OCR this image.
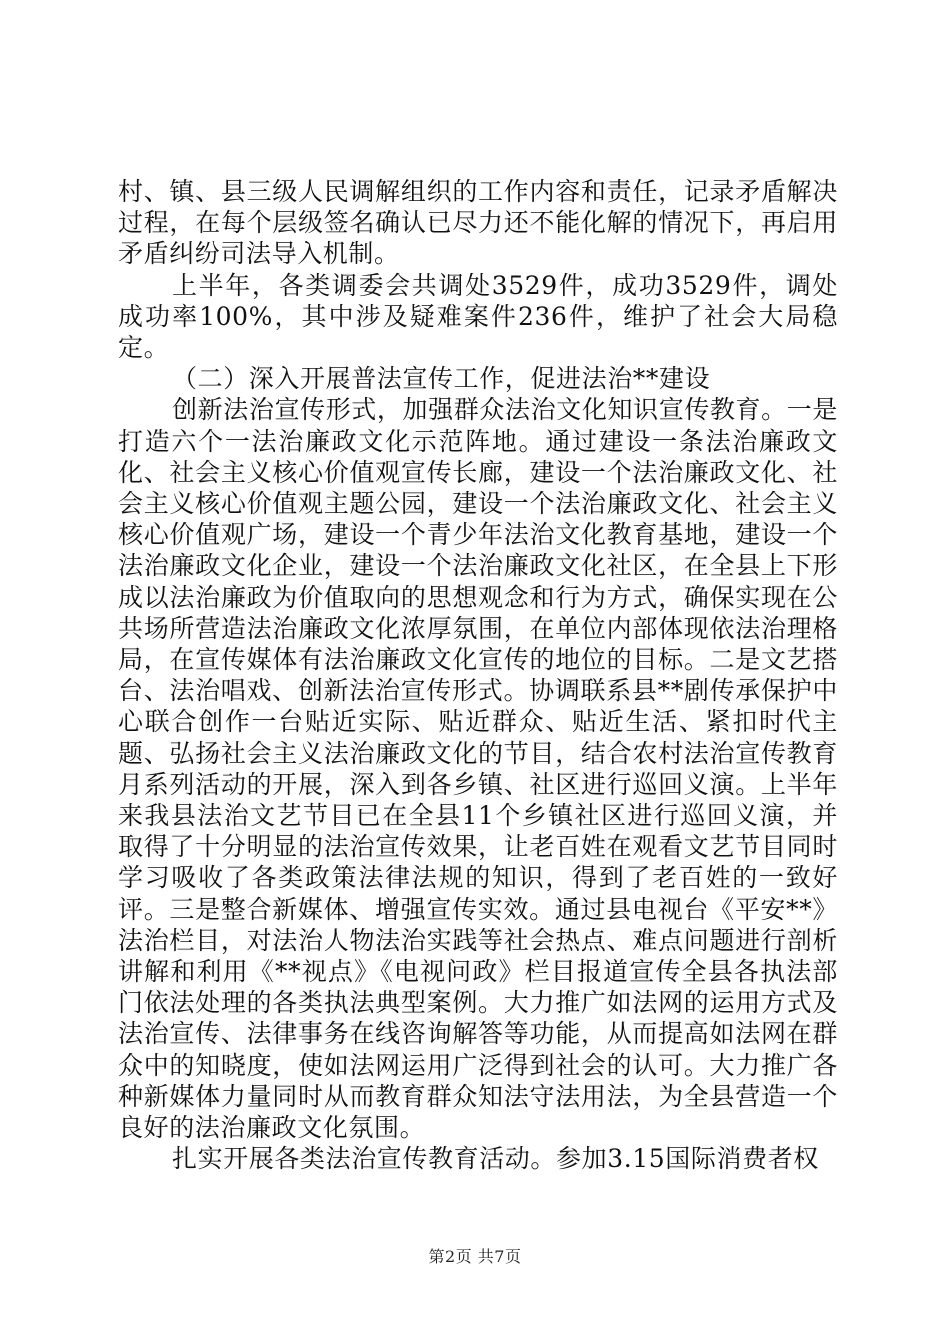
村、镇、县三级人民调解组织的工作内容和责任，记录矛盾解决过程，在每个层级签名确认已尽力还不能化解的情况下，再启用矛盾纠纷司法导入机制。

上半年，各类调委会共调处3529件，成功3529件，调处成功率100%，其中涉及疑难案件236件，维护了社会大局稳定。

（二）深入开展普法宣传工作，促进法治**建设

创新法治宣传形式，加强群众法治文化知识宣传教育。一是打造六个一法治廉政文化示范阵地。通过建设一条法治廉政文化、社会主义核心价值观宣传长廊，建设一个法治廉政文化、社会主义核心价值观主题公园，建设一个法治廉政文化、社会主义核心价值观广场，建设一个青少年法治文化教育基地，建设一个法治廉政文化企业，建设一个法治廉政文化社区，在全县上下形成以法治廉政为价值取向的思想观念和行为方式，确保实现在公共场所营造法治廉政文化浓厚氛围，在单位内部体现依法治理格局，在宣传媒体有法治廉政文化宣传的地位的目标。二是文艺搭台、法治唱戏、创新法治宣传形式。协调联系县**剧传承保护中心联合创作一台贴近实际、贴近群众、贴近生活、紧扣时代主题、弘扬社会主义法治廉政文化的节目，结合农村法治宣传教育月系列活动的开展，深入到各乡镇、社区进行巡回义演。上半年来我县法治文艺节目已在全县11个乡镇社区进行巡回义演，并取得了十分明显的法治宣传效果，让老百姓在观看文艺节目同时学习吸收了各类政策法律法规的知识，得到了老百姓的一致好评。三是整合新媒体、增强宣传实效。通过县电视台《平安**》法治栏目，对法治人物法治实践等社会热点、难点问题进行剖析讲解和利用《**视点》《电视问政》栏目报道宣传全县各执法部门依法处理的各类执法典型案例。大力推广如法网的运用方式及法治宣传、法律事务在线咨询解答等功能，从而提高如法网在群众中的知晓度，使如法网运用广泛得到社会的认可。大力推广各种新媒体力量同时从而教育群众知法守法用法，为全县营造一个良好的法治廉政文化氛围。

扎实开展各类法治宣传教育活动。参加3.15国际消费者权

第2页 共7页
